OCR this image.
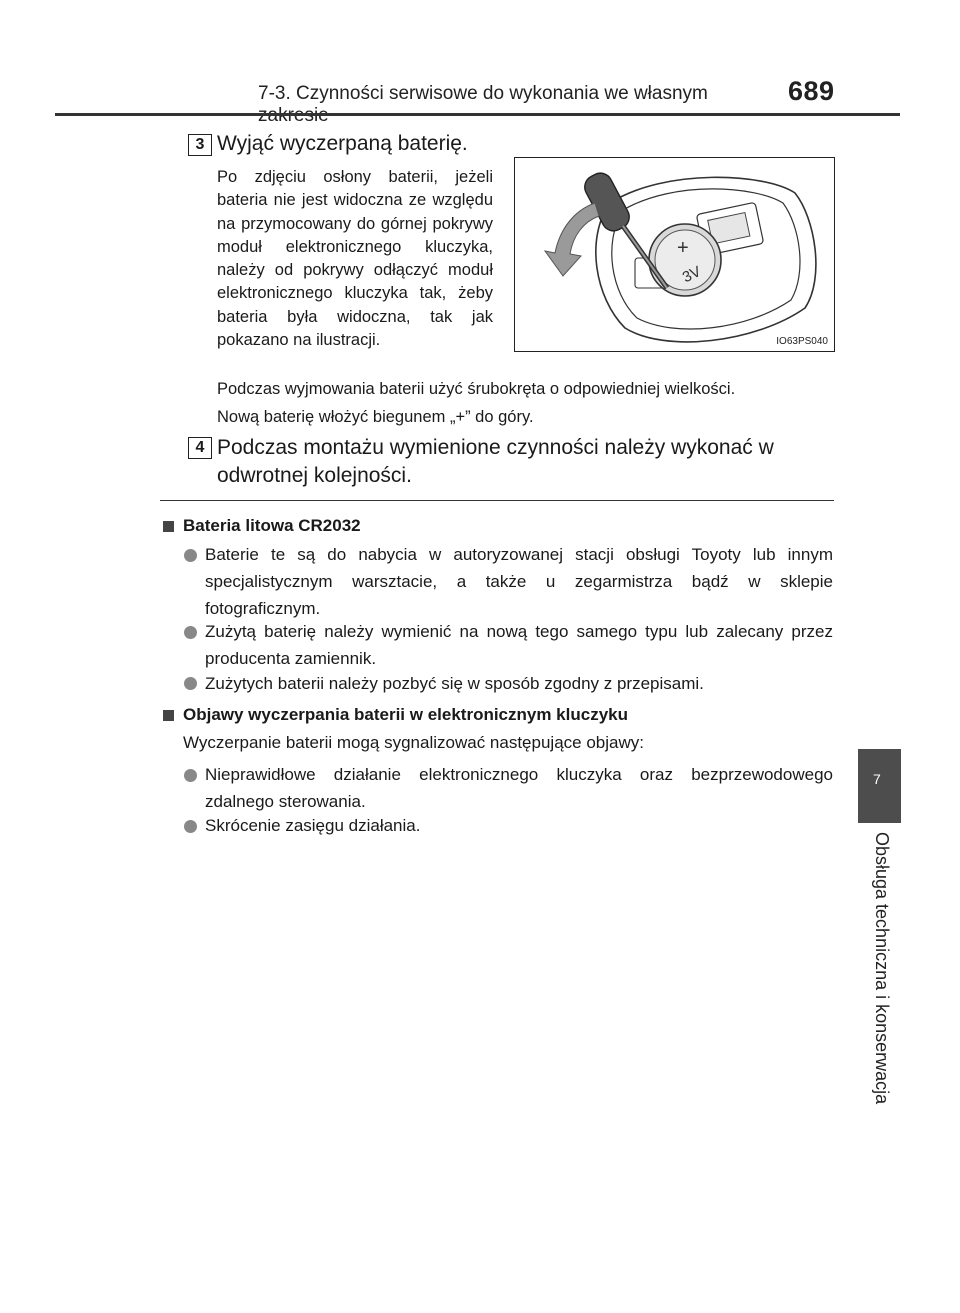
7-3. Czynności serwisowe do wykonania we własnym	689
7
Obsługa techniczna i konserwacja
3 Wyjąć wyczerpaną baterię.

Po zdjęciu osłony baterii, jeżeli bateria nie jest widoczna ze względu na przymocowany do górnej pokrywy moduł elektronicznego kluczyka, należy od pokrywy odłączyć moduł elektronicznego kluczyka tak, żeby bateria była widoczna, tak jak pokazano na ilustracji.

+
3V
IO63PS040

Podczas wyjmowania baterii użyć śrubokręta o odpowiedniej wielkości.

Nową baterię włożyć biegunem „+” do góry.

4 Podczas montażu wymienione czynności należy wykonać w odwrotnej kolejności.

Bateria litowa CR2032

Baterie te są do nabycia w autoryzowanej stacji obsługi Toyoty lub innym specjalistycznym warsztacie, a także u zegarmistrza bądź w sklepie fotograficznym.

Zużytą baterię należy wymienić na nową tego samego typu lub zalecany przez producenta zamiennik.

Zużytych baterii należy pozbyć się w sposób zgodny z przepisami.

Objawy wyczerpania baterii w elektronicznym kluczyku
Wyczerpanie baterii mogą sygnalizować następujące objawy:

Nieprawidłowe działanie elektronicznego kluczyka oraz bezprzewodowego zdalnego sterowania.

Skrócenie zasięgu działania.
